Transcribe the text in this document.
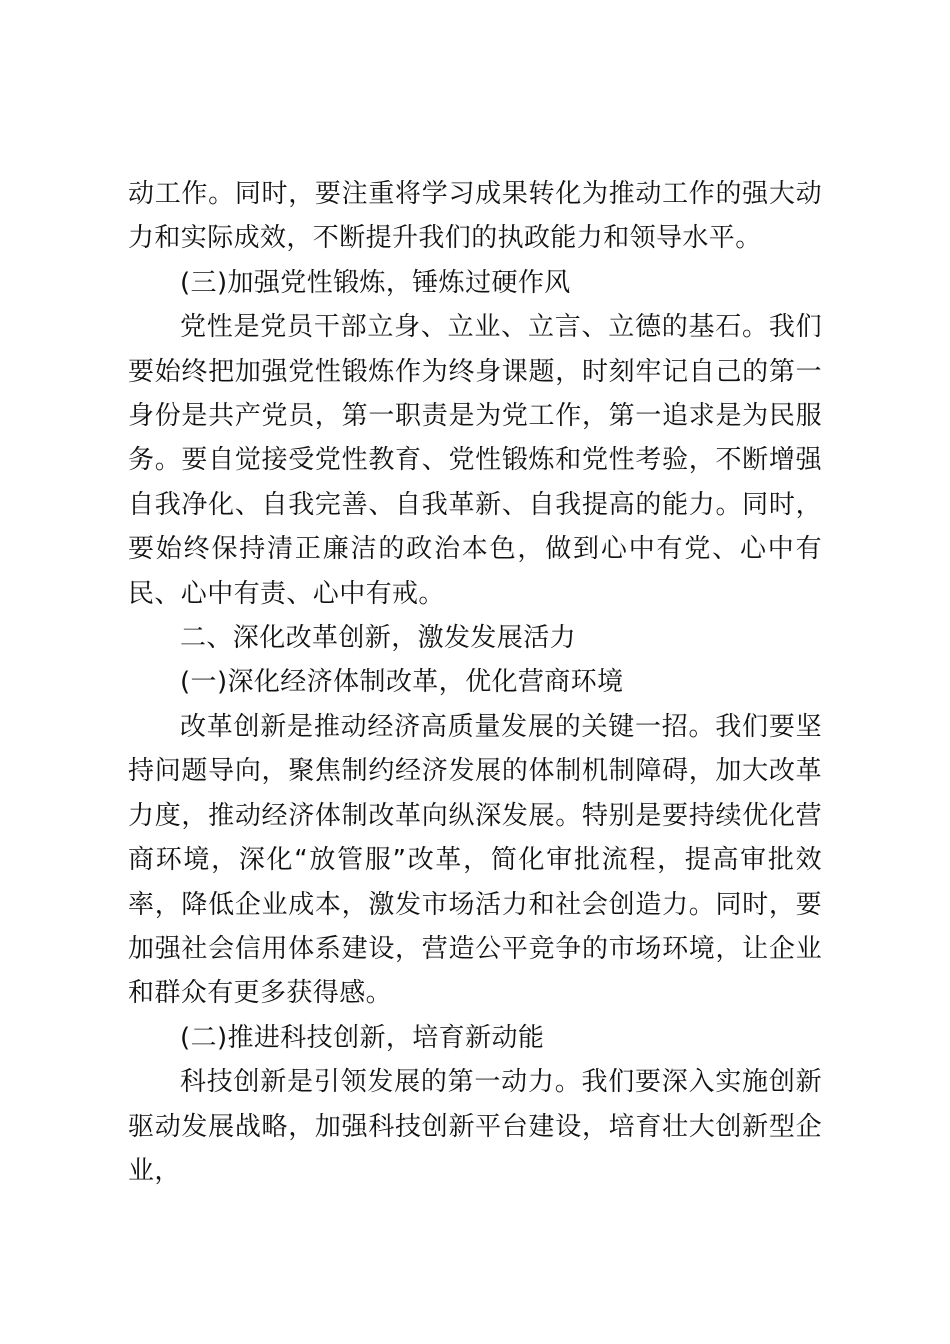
动工作。同时，要注重将学习成果转化为推动工作的强大动力和实际成效，不断提升我们的执政能力和领导水平。

(三)加强党性锻炼，锤炼过硬作风

党性是党员干部立身、立业、立言、立德的基石。我们要始终把加强党性锻炼作为终身课题，时刻牢记自己的第一身份是共产党员，第一职责是为党工作，第一追求是为民服务。要自觉接受党性教育、党性锻炼和党性考验，不断增强自我净化、自我完善、自我革新、自我提高的能力。同时，要始终保持清正廉洁的政治本色，做到心中有党、心中有民、心中有责、心中有戒。

二、深化改革创新，激发发展活力

(一)深化经济体制改革，优化营商环境

改革创新是推动经济高质量发展的关键一招。我们要坚持问题导向，聚焦制约经济发展的体制机制障碍，加大改革力度，推动经济体制改革向纵深发展。特别是要持续优化营商环境，深化“放管服”改革，简化审批流程，提高审批效率，降低企业成本，激发市场活力和社会创造力。同时，要加强社会信用体系建设，营造公平竞争的市场环境，让企业和群众有更多获得感。

(二)推进科技创新，培育新动能

科技创新是引领发展的第一动力。我们要深入实施创新驱动发展战略，加强科技创新平台建设，培育壮大创新型企业，
